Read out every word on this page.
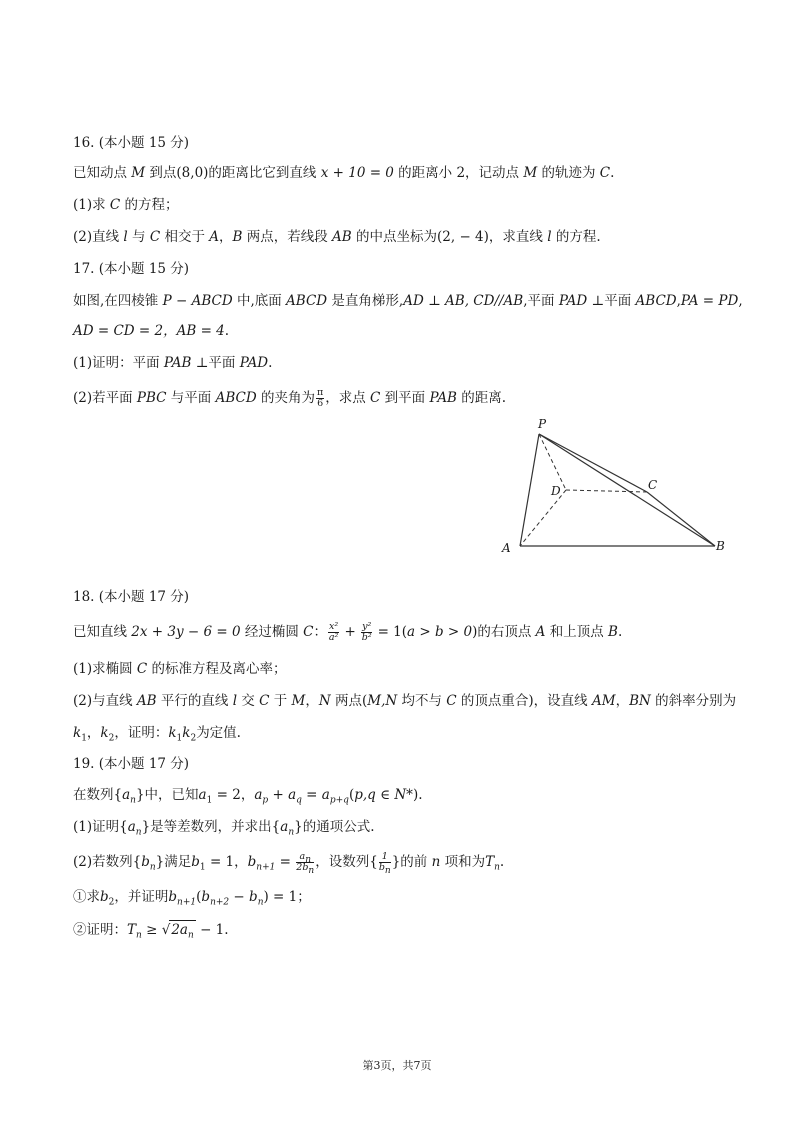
16. (本小题 15 分)
已知动点 M 到点(8,0)的距离比它到直线 x + 10 = 0 的距离小 2，记动点 M 的轨迹为 C.
(1)求 C 的方程；
(2)直线 l 与 C 相交于 A，B 两点，若线段 AB 的中点坐标为(2, − 4)，求直线 l 的方程.
17. (本小题 15 分)
如图,在四棱锥 P − ABCD 中,底面 ABCD 是直角梯形,AD ⊥ AB, CD//AB,平面 PAD ⊥平面 ABCD,PA = PD,
AD = CD = 2，AB = 4.
(1)证明：平面 PAB ⊥平面 PAD.
(2)若平面 PBC 与平面 ABCD 的夹角为 $\frac{\pi}{6}$ ，求点 C 到平面 PAB 的距离.
P
A	B
C
D
18. (本小题 17 分)
已知直线 2x + 3y − 6 = 0 经过椭圆 C： $\frac{\text{x²}}{\text{a²}} + \frac{\text{y²}}{\text{b²}} = 1(a > b > 0)$的右顶点 A 和上顶点 B.
(1)求椭圆 C 的标准方程及离心率；
(2)与直线 AB 平行的直线 l 交 C 于 M，N 两点(M,N 均不与 C 的顶点重合)，设直线 AM，BN 的斜率分别为
$k_1$，$k_2$，证明：$k_1k_2$为定值.
19. (本小题 17 分)
在数列$\{a_n\}$中，已知$a_1 = 2$，$a_p + a_q = a_{p+q}(p,q$ ∈ N*).
(1)证明$\{a_n\}$是等差数列，并求出$\{a_n\}$的通项公式.
(2)若数列$\{b_n\}$满足$b_1 = 1$，$b_{n+1} = \frac{a_n}{2b_n}$ ，设数列{ $\frac{1}{b_n}$ }的前 n 项和为$T_n$.
①求$b_2$，并证明$b_{n+1}(b_{n+2} - b_n) = 1$；
②证明：$T_n \ge √2a_n - 1$.
第3页，共7页
